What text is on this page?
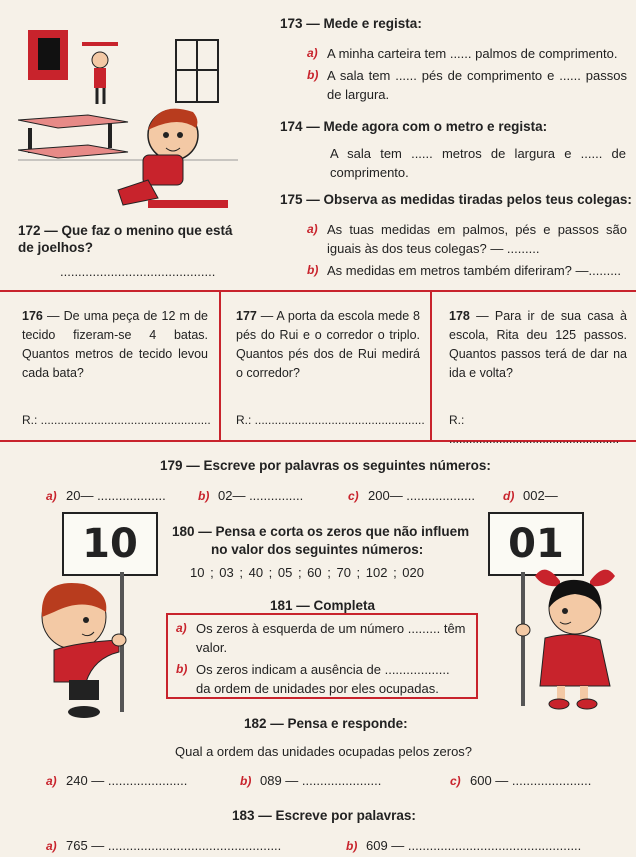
173 — Mede e regista:
a) A minha carteira tem ...... palmos de comprimento.
b) A sala tem ...... pés de comprimento e ...... passos de largura.
174 — Mede agora com o metro e regista:
A sala tem ...... metros de largura e ...... de comprimento.
175 — Observa as medidas tiradas pelos teus colegas:
a) As tuas medidas em palmos, pés e passos são iguais às dos teus colegas? — .........
b) As medidas em metros também diferiram? —.........
172 — Que faz o menino que está de joelhos?
...........................................
176 — De uma peça de 12 m de tecido fizeram-se 4 batas. Quantos metros de tecido levou cada bata?
R.: ...................................................
177 — A porta da escola mede 8 pés do Rui e o corredor o triplo. Quantos pés dos de Rui medirá o corredor?
R.: ...................................................
178 — Para ir de sua casa à escola, Rita deu 125 passos. Quantos passos terá de dar na ida e volta?
R.: ...................................................
179 — Escreve por palavras os seguintes números:
a) 20— ...................	b) 02— ...............	c) 200— ................... d) 002—
10	01
180 — Pensa e corta os zeros que não influem
no valor dos seguintes números:
10 ; 03 ; 40 ; 05 ; 60 ; 70 ; 102 ; 020
181 — Completa
a) Os zeros à esquerda de um número ......... têm valor.
b) Os zeros indicam a ausência de .................. da ordem de unidades por eles ocupadas.
182 — Pensa e responde:
Qual a ordem das unidades ocupadas pelos zeros?
a) 240 — ......................	b) 089 — ......................	c) 600 — ......................
183 — Escreve por palavras:
a) 765 — ................................................	b) 609 — ................................................
